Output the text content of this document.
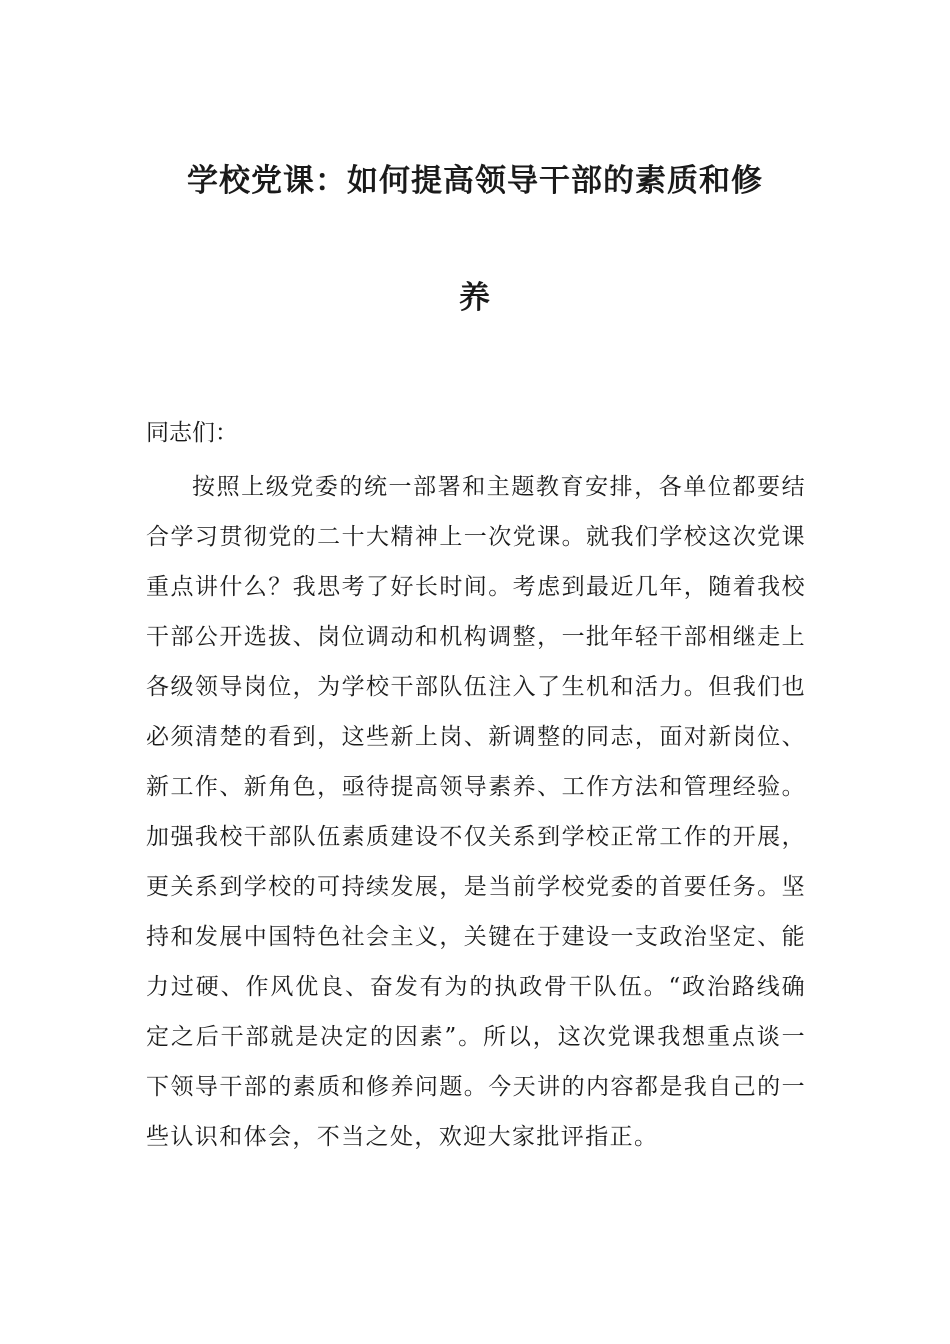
学校党课：如何提高领导干部的素质和修
养
同志们：

按照上级党委的统一部署和主题教育安排，各单位都要结合学习贯彻党的二十大精神上一次党课。就我们学校这次党课重点讲什么？我思考了好长时间。考虑到最近几年，随着我校干部公开选拔、岗位调动和机构调整，一批年轻干部相继走上各级领导岗位，为学校干部队伍注入了生机和活力。但我们也必须清楚的看到，这些新上岗、新调整的同志，面对新岗位、新工作、新角色，亟待提高领导素养、工作方法和管理经验。加强我校干部队伍素质建设不仅关系到学校正常工作的开展，更关系到学校的可持续发展，是当前学校党委的首要任务。坚持和发展中国特色社会主义，关键在于建设一支政治坚定、能力过硬、作风优良、奋发有为的执政骨干队伍。“政治路线确定之后干部就是决定的因素”。所以，这次党课我想重点谈一下领导干部的素质和修养问题。今天讲的内容都是我自己的一些认识和体会，不当之处，欢迎大家批评指正。
